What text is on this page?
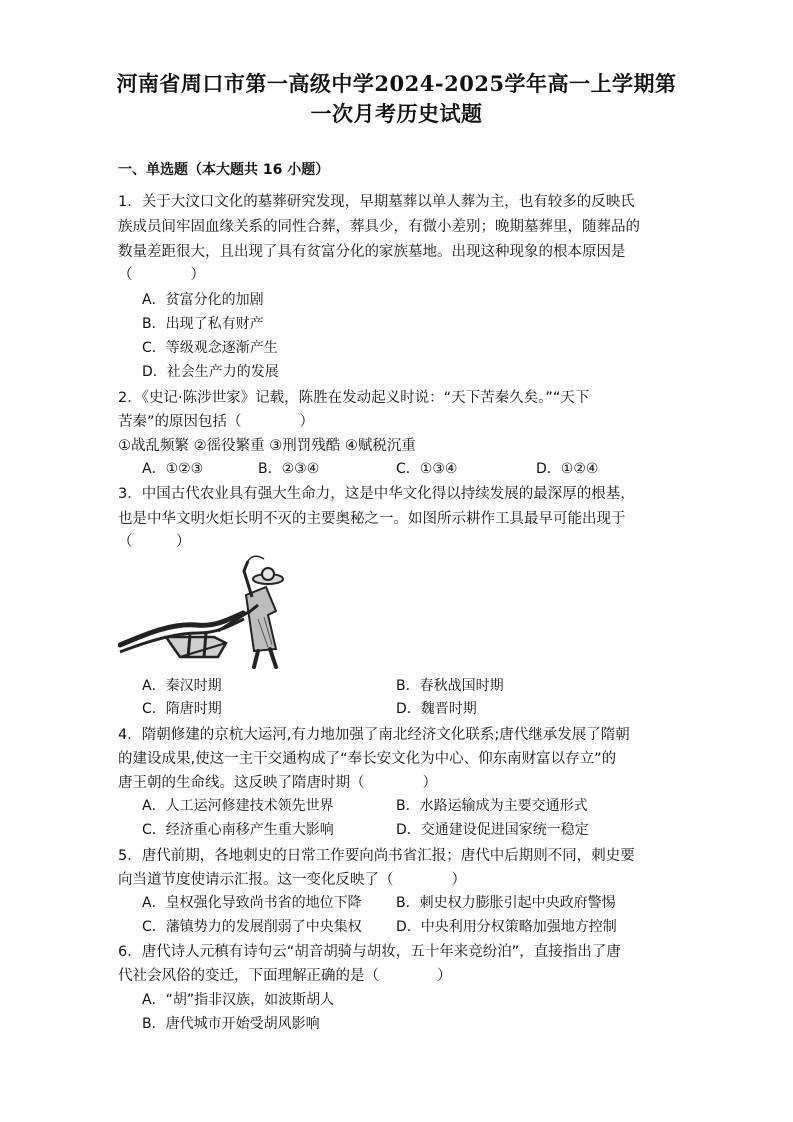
河南省周口市第一高级中学2024-2025学年高一上学期第
一次月考历史试题
一、单选题（本大题共 16 小题）
1．关于大汶口文化的墓葬研究发现，早期墓葬以单人葬为主，也有较多的反映氏
族成员间牢固血缘关系的同性合葬，葬具少，有微小差别；晚期墓葬里，随葬品的
数量差距很大，且出现了具有贫富分化的家族墓地。出现这种现象的根本原因是
（　　　　）
A．贫富分化的加剧
B．出现了私有财产
C．等级观念逐渐产生
D．社会生产力的发展
2．《史记·陈涉世家》记载，陈胜在发动起义时说：“天下苦秦久矣。”“天下
苦秦”的原因包括（　　　　）
①战乱频繁 ②徭役繁重 ③刑罚残酷 ④赋税沉重
A．①②③	B．②③④	C．①③④	D．①②④
3．中国古代农业具有强大生命力，这是中华文化得以持续发展的最深厚的根基，
也是中华文明火炬长明不灭的主要奥秘之一。如图所示耕作工具最早可能出现于
（　　　）
A．秦汉时期	B．春秋战国时期
C．隋唐时期	D．魏晋时期
4．隋朝修建的京杭大运河,有力地加强了南北经济文化联系;唐代继承发展了隋朝
的建设成果,使这一主干交通构成了“奉长安文化为中心、仰东南财富以存立”的
唐王朝的生命线。这反映了隋唐时期（　　　　）
A．人工运河修建技术领先世界	B．水路运输成为主要交通形式
C．经济重心南移产生重大影响	D．交通建设促进国家统一稳定
5．唐代前期，各地刺史的日常工作要向尚书省汇报；唐代中后期则不同，刺史要
向当道节度使请示汇报。这一变化反映了（　　　　）
A．皇权强化导致尚书省的地位下降 B．刺史权力膨胀引起中央政府警惕
C．藩镇势力的发展削弱了中央集权 D．中央利用分权策略加强地方控制
6．唐代诗人元稹有诗句云“胡音胡骑与胡妆，五十年来竞纷泊”，直接指出了唐
代社会风俗的变迁，下面理解正确的是（　　　　）
A．“胡”指非汉族，如波斯胡人
B．唐代城市开始受胡风影响
